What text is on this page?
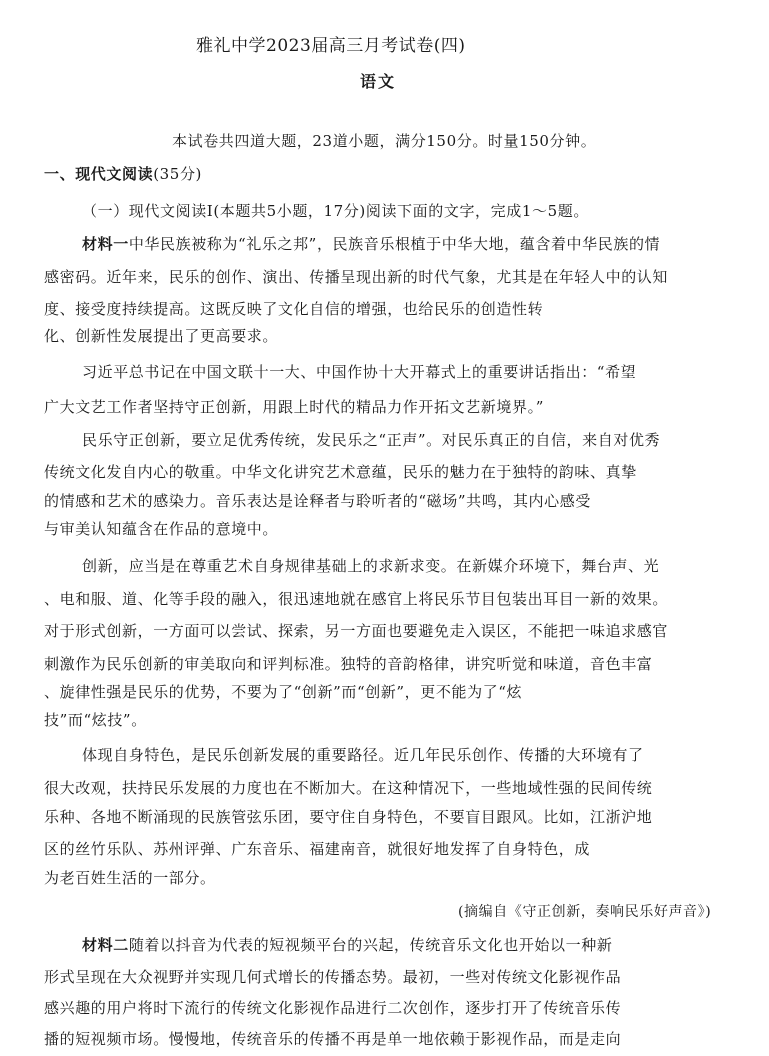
雅礼中学2023届高三月考试卷(四)
语文
本试卷共四道大题，23道小题，满分150分。时量150分钟。
一、现代文阅读(35分)
（一）现代文阅读Ⅰ(本题共5小题，17分)阅读下面的文字，完成1～5题。
材料一中华民族被称为“礼乐之邦”，民族音乐根植于中华大地，蕴含着中华民族的情
感密码。近年来，民乐的创作、演出、传播呈现出新的时代气象，尤其是在年轻人中的认知
度、接受度持续提高。这既反映了文化自信的增强，也给民乐的创造性转
化、创新性发展提出了更高要求。
习近平总书记在中国文联十一大、中国作协十大开幕式上的重要讲话指出：“希望
广大文艺工作者坚持守正创新，用跟上时代的精品力作开拓文艺新境界。”
民乐守正创新，要立足优秀传统，发民乐之“正声”。对民乐真正的自信，来自对优秀
传统文化发自内心的敬重。中华文化讲究艺术意蕴，民乐的魅力在于独特的韵味、真挚
的情感和艺术的感染力。音乐表达是诠释者与聆听者的“磁场”共鸣，其内心感受
与审美认知蕴含在作品的意境中。
创新，应当是在尊重艺术自身规律基础上的求新求变。在新媒介环境下，舞台声、光
、电和服、道、化等手段的融入，很迅速地就在感官上将民乐节目包装出耳目一新的效果。
对于形式创新，一方面可以尝试、探索，另一方面也要避免走入误区，不能把一味追求感官
刺激作为民乐创新的审美取向和评判标准。独特的音韵格律，讲究听觉和味道，音色丰富
、旋律性强是民乐的优势，不要为了“创新”而“创新”，更不能为了“炫
技”而“炫技”。
体现自身特色，是民乐创新发展的重要路径。近几年民乐创作、传播的大环境有了
很大改观，扶持民乐发展的力度也在不断加大。在这种情况下，一些地域性强的民间传统
乐种、各地不断涌现的民族管弦乐团，要守住自身特色，不要盲目跟风。比如，江浙沪地
区的丝竹乐队、苏州评弹、广东音乐、福建南音，就很好地发挥了自身特色，成
为老百姓生活的一部分。
(摘编自《守正创新，奏响民乐好声音》)
材料二随着以抖音为代表的短视频平台的兴起，传统音乐文化也开始以一种新
形式呈现在大众视野并实现几何式增长的传播态势。最初，一些对传统文化影视作品
感兴趣的用户将时下流行的传统文化影视作品进行二次创作，逐步打开了传统音乐传
播的短视频市场。慢慢地，传统音乐的传播不再是单一地依赖于影视作品，而是走向
